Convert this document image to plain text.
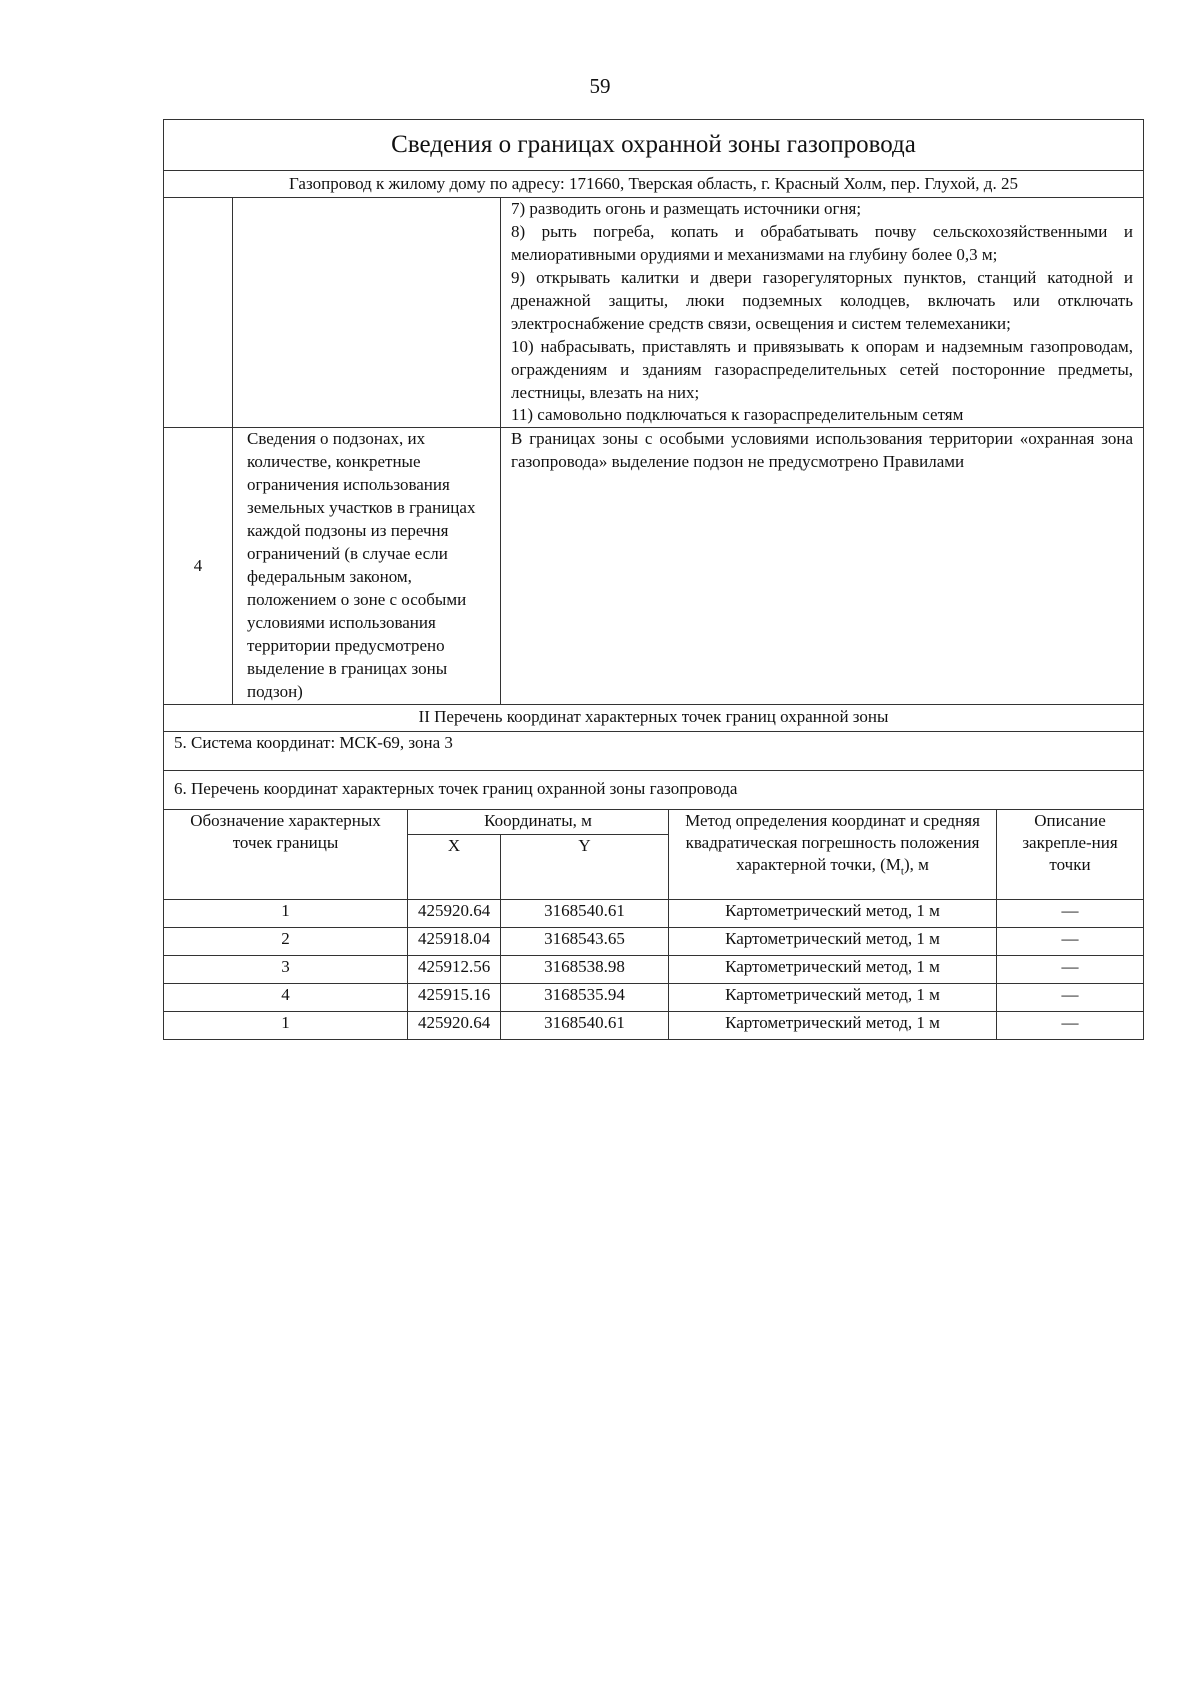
59
Сведения о границах охранной зоны газопровода					
Газопровод к жилому дому по адресу: 171660, Тверская область, г. Красный Холм, пер. Глухой, д. 25					

			7) разводить огонь и размещать источники огня;
8) рыть погреба, копать и обрабатывать почву сельскохозяйственными и мелиоративными орудиями и механизмами на глубину более 0,3 м;
9) открывать калитки и двери газорегуляторных пунктов, станций катодной и дренажной защиты, люки подземных колодцев, включать или отключать электроснабжение средств связи, освещения и систем телемеханики;
10) набрасывать, приставлять и привязывать к опорам и надземным газопроводам, ограждениям и зданиям газораспределительных сетей посторонние предметы, лестницы, влезать на них;
11) самовольно подключаться к газораспределительным сетям		

4	Сведения о подзонах, их количестве, конкретные ограничения использования земельных участков в границах каждой подзоны из перечня ограничений (в случае если федеральным законом, положением о зоне с особыми условиями использования территории предусмотрено выделение в границах зоны подзон)		В границах зоны с особыми условиями использования территории «охранная зона газопровода» выделение подзон не предусмотрено Правилами		
II Перечень координат характерных точек границ охранной зоны					
5. Система координат: МСК-69, зона 3					
6. Перечень координат характерных точек границ охранной зоны газопровода					
Обозначение характерных точек границы		Координаты, м		Метод определения координат и средняя квадратическая погрешность положения характерной точки, $(M_t)$, м	Описание закрепле-ния точки
		X	Y		
1		425920.64	3168540.61	Картометрический метод, 1 м	—
2		425918.04	3168543.65	Картометрический метод, 1 м	—
3		425912.56	3168538.98	Картометрический метод, 1 м	—
4		425915.16	3168535.94	Картометрический метод, 1 м	—
1		425920.64	3168540.61	Картометрический метод, 1 м	—
